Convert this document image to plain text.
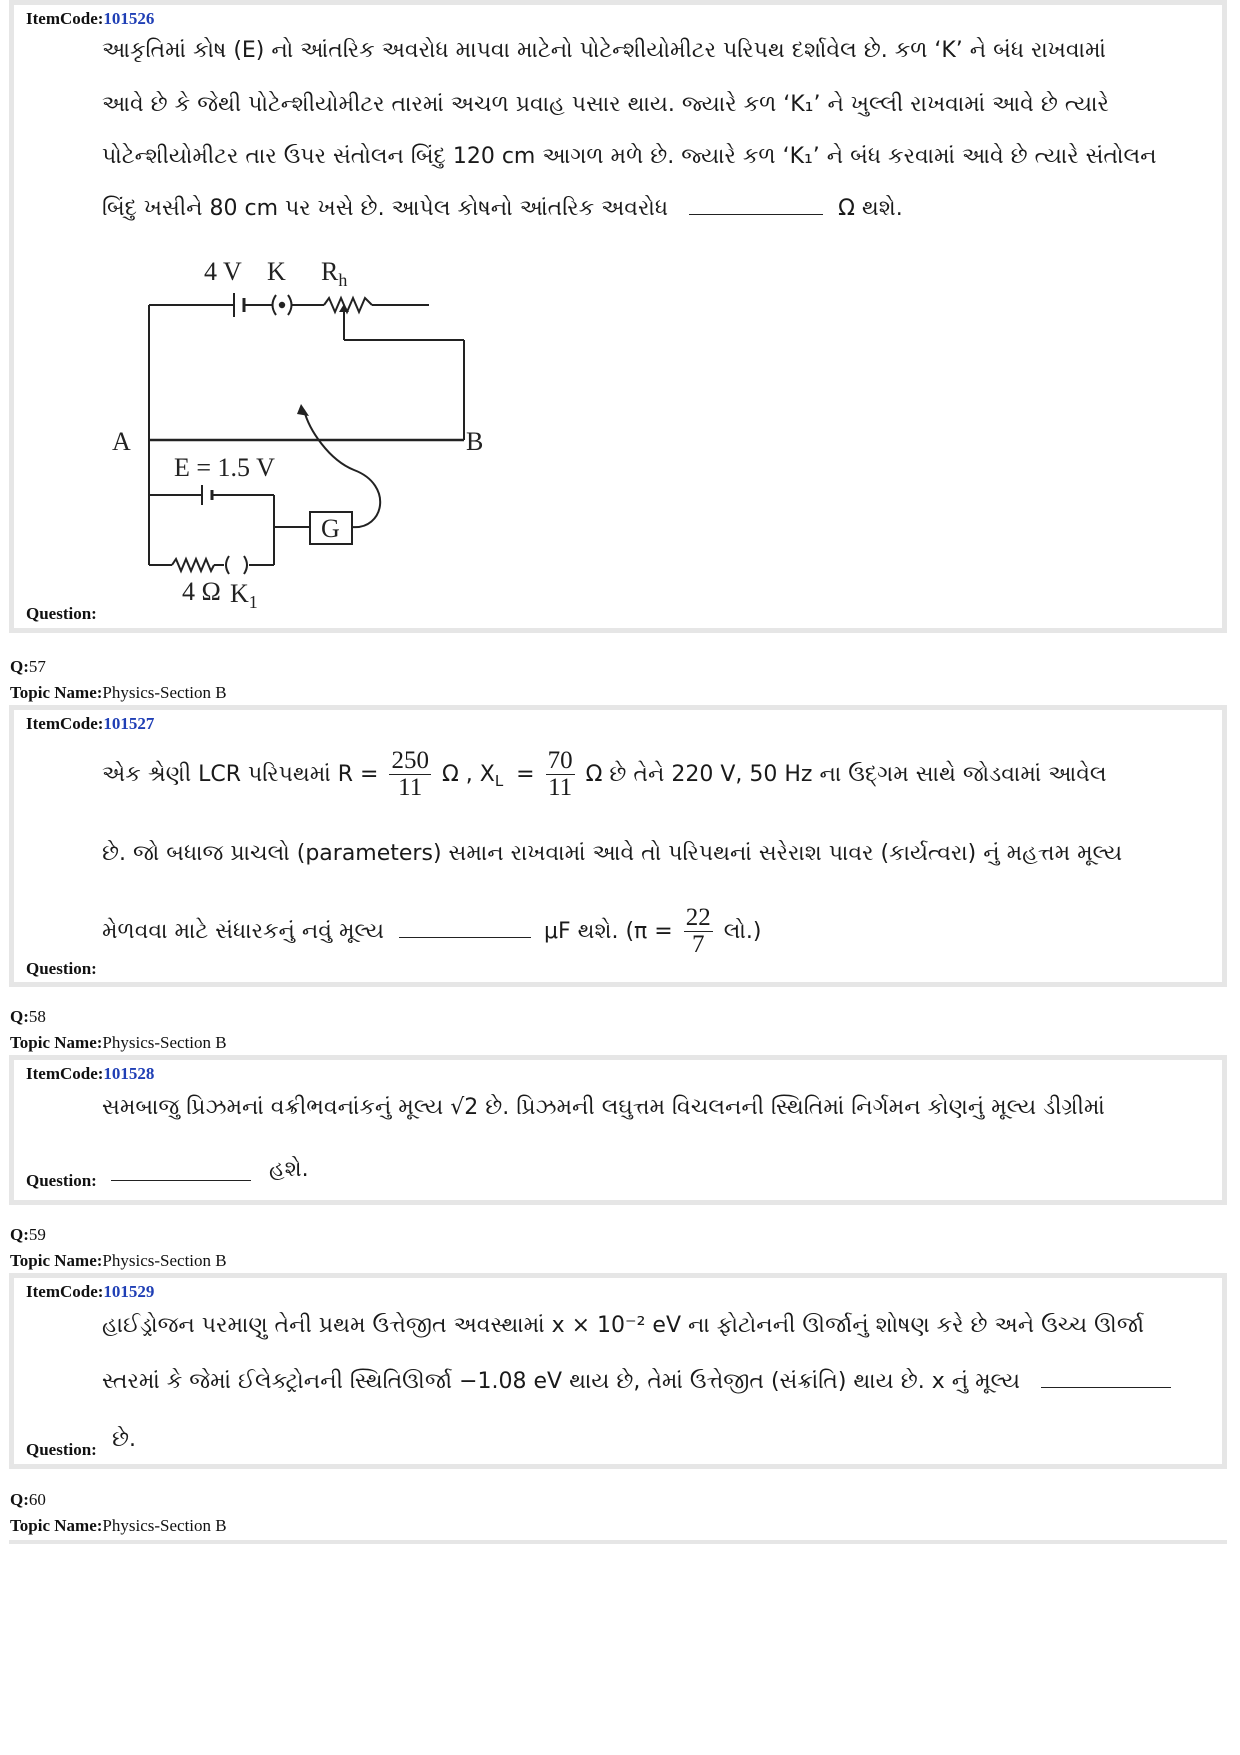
ItemCode:101526
આકૃતિમાં કોષ (E) નો આંતરિક અવરોધ માપવા માટેનો પોટેન્શીયોમીટર પરિપથ દર્શાવેલ છે. કળ ‘K’ ને બંધ રાખવામાં
આવે છે કે જેથી પોટેન્શીયોમીટર તારમાં અચળ પ્રવાહ પસાર થાય. જ્યારે કળ ‘K₁’ ને ખુલ્લી રાખવામાં આવે છે ત્યારે
પોટેન્શીયોમીટર તાર ઉપર સંતોલન બિંદુ 120 cm આગળ મળે છે. જ્યારે કળ ‘K₁’ ને બંધ કરવામાં આવે છે ત્યારે સંતોલન
બિંદુ ખસીને 80 cm પર ખસે છે. આપેલ કોષનો આંતરિક અવરોધ	Ω થશે.
4 V K $R_h$
A	B
E = 1.5 V
G
4 Ω $K_1$
Question:
Q:57
Topic Name:Physics-Section B
ItemCode:101527
એક શ્રેણી LCR પરિપથમાં $R = \frac{250}{11}$ Ω , $X_L = \frac{70}{11}$ Ω છે તેને 220 V, 50 Hz ના ઉદ્‌ગમ સાથે જોડવામાં આવેલ
છે. જો બધાજ પ્રાચલો (parameters) સમાન રાખવામાં આવે તો પરિપથનાં સરેરાશ પાવર (કાર્યત્વરા) નું મહત્તમ મૂલ્ય
મેળવવા માટે સંધારકનું નવું મૂલ્ય	μF થશે. ($\pi = \frac{22}{7}$ લો.)
Question:
Q:58
Topic Name:Physics-Section B
ItemCode:101528
સમબાજુ પ્રિઝમનાં વક્રીભવનાંકનું મૂલ્ય √2 છે. પ્રિઝમની લઘુત્તમ વિચલનની સ્થિતિમાં નિર્ગમન કોણનું મૂલ્ય ડીગ્રીમાં
Question:	હશે.
Q:59
Topic Name:Physics-Section B
ItemCode:101529
હાઈડ્રોજન પરમાણુ તેની પ્રથમ ઉત્તેજીત અવસ્થામાં x × 10⁻² eV ના ફોટોનની ઊર્જાનું શોષણ કરે છે અને ઉચ્ચ ઊર્જા
સ્તરમાં કે જેમાં ઈલેક્ટ્રોનની સ્થિતિઊર્જા −1.08 eV થાય છે, તેમાં ઉત્તેજીત (સંક્રાંતિ) થાય છે. x નું મૂલ્ય
Question: છે.
Q:60
Topic Name:Physics-Section B
